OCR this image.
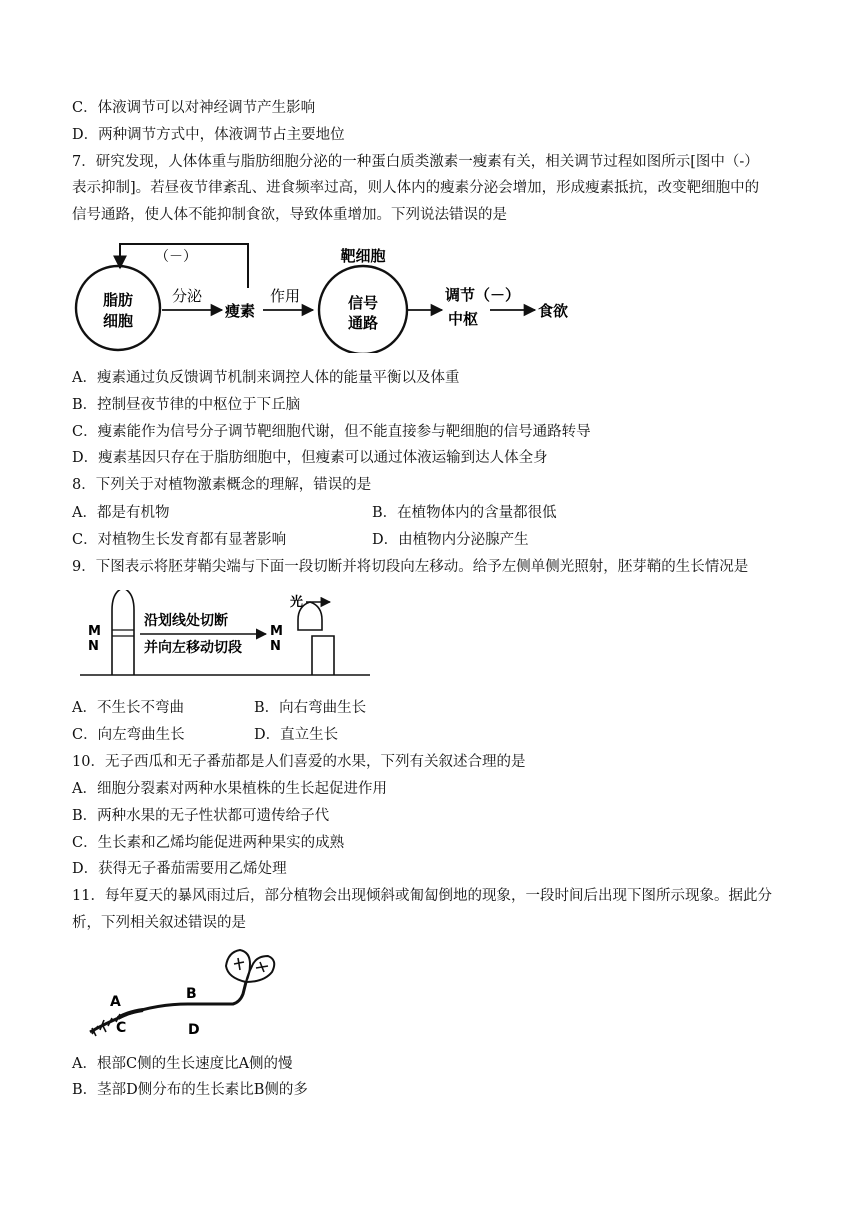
C．体液调节可以对神经调节产生影响
D．两种调节方式中，体液调节占主要地位
7．研究发现，人体体重与脂肪细胞分泌的一种蛋白质类激素一瘦素有关，相关调节过程如图所示[图中（-）
表示抑制]。若昼夜节律紊乱、进食频率过高，则人体内的瘦素分泌会增加，形成瘦素抵抗，改变靶细胞中的
信号通路，使人体不能抑制食欲，导致体重增加。下列说法错误的是
（－）
脂肪
细胞
分泌
瘦素
作用
靶细胞
信号
通路
调节（－）
中枢	食欲
A．瘦素通过负反馈调节机制来调控人体的能量平衡以及体重
B．控制昼夜节律的中枢位于下丘脑
C．瘦素能作为信号分子调节靶细胞代谢，但不能直接参与靶细胞的信号通路转导
D．瘦素基因只存在于脂肪细胞中，但瘦素可以通过体液运输到达人体全身
8．下列关于对植物激素概念的理解，错误的是
A．都是有机物	B．在植物体内的含量都很低
C．对植物生长发育都有显著影响	D．由植物内分泌腺产生
9．下图表示将胚芽鞘尖端与下面一段切断并将切段向左移动。给予左侧单侧光照射，胚芽鞘的生长情况是
M
N
沿划线处切断
并向左移动切段
光
M
N
A．不生长不弯曲	B．向右弯曲生长
C．向左弯曲生长	D．直立生长
10．无子西瓜和无子番茄都是人们喜爱的水果，下列有关叙述合理的是
A．细胞分裂素对两种水果植株的生长起促进作用
B．两种水果的无子性状都可遗传给子代
C．生长素和乙烯均能促进两种果实的成熟
D．获得无子番茄需要用乙烯处理
11．每年夏天的暴风雨过后，部分植物会出现倾斜或匍匐倒地的现象，一段时间后出现下图所示现象。据此分
析，下列相关叙述错误的是
A	B
C	D
A．根部C侧的生长速度比A侧的慢
B．茎部D侧分布的生长素比B侧的多
